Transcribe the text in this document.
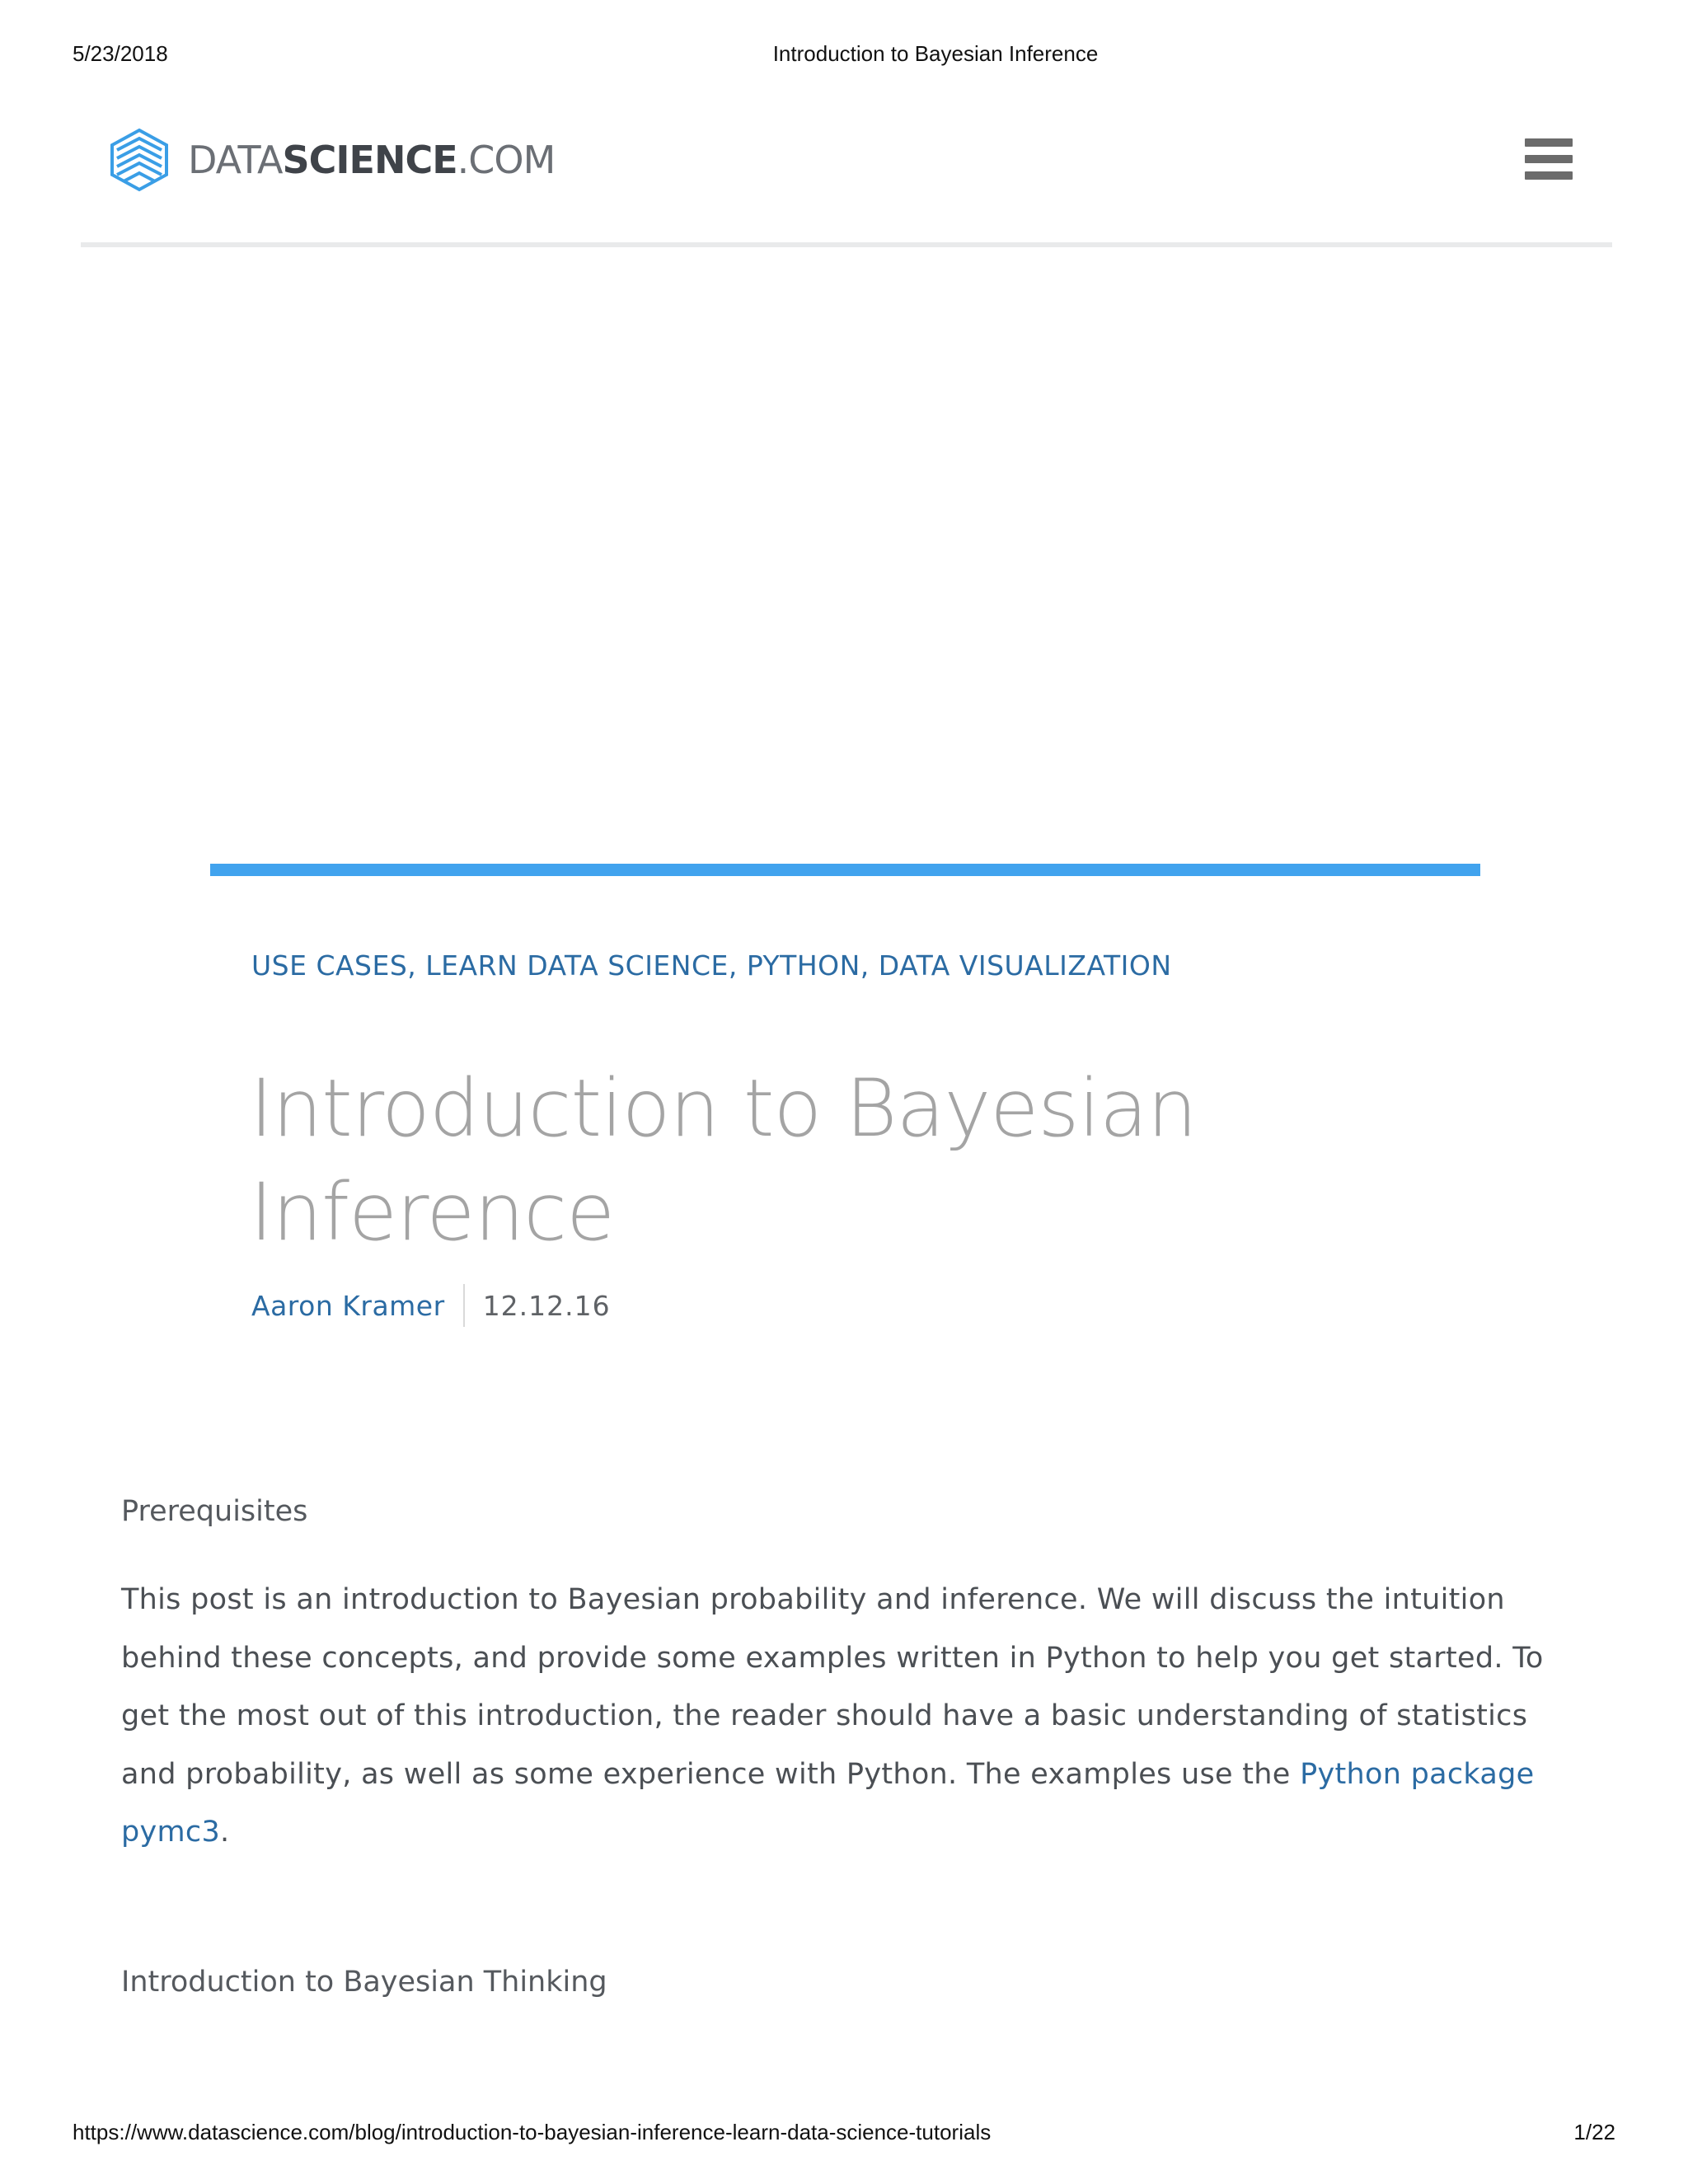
5/23/2018	Introduction to Bayesian Inference
DATASCIENCE.COM
USE CASES, LEARN DATA SCIENCE, PYTHON, DATA VISUALIZATION
Introduction to Bayesian Inference
Aaron Kramer 12.12.16

Prerequisites

This post is an introduction to Bayesian probability and inference. We will discuss the intuition behind these concepts, and provide some examples written in Python to help you get started. To get the most out of this introduction, the reader should have a basic understanding of statistics and probability, as well as some experience with Python. The examples use the Python package pymc3.

Introduction to Bayesian Thinking

https://www.datascience.com/blog/introduction-to-bayesian-inference-learn-data-science-tutorials	1/22
